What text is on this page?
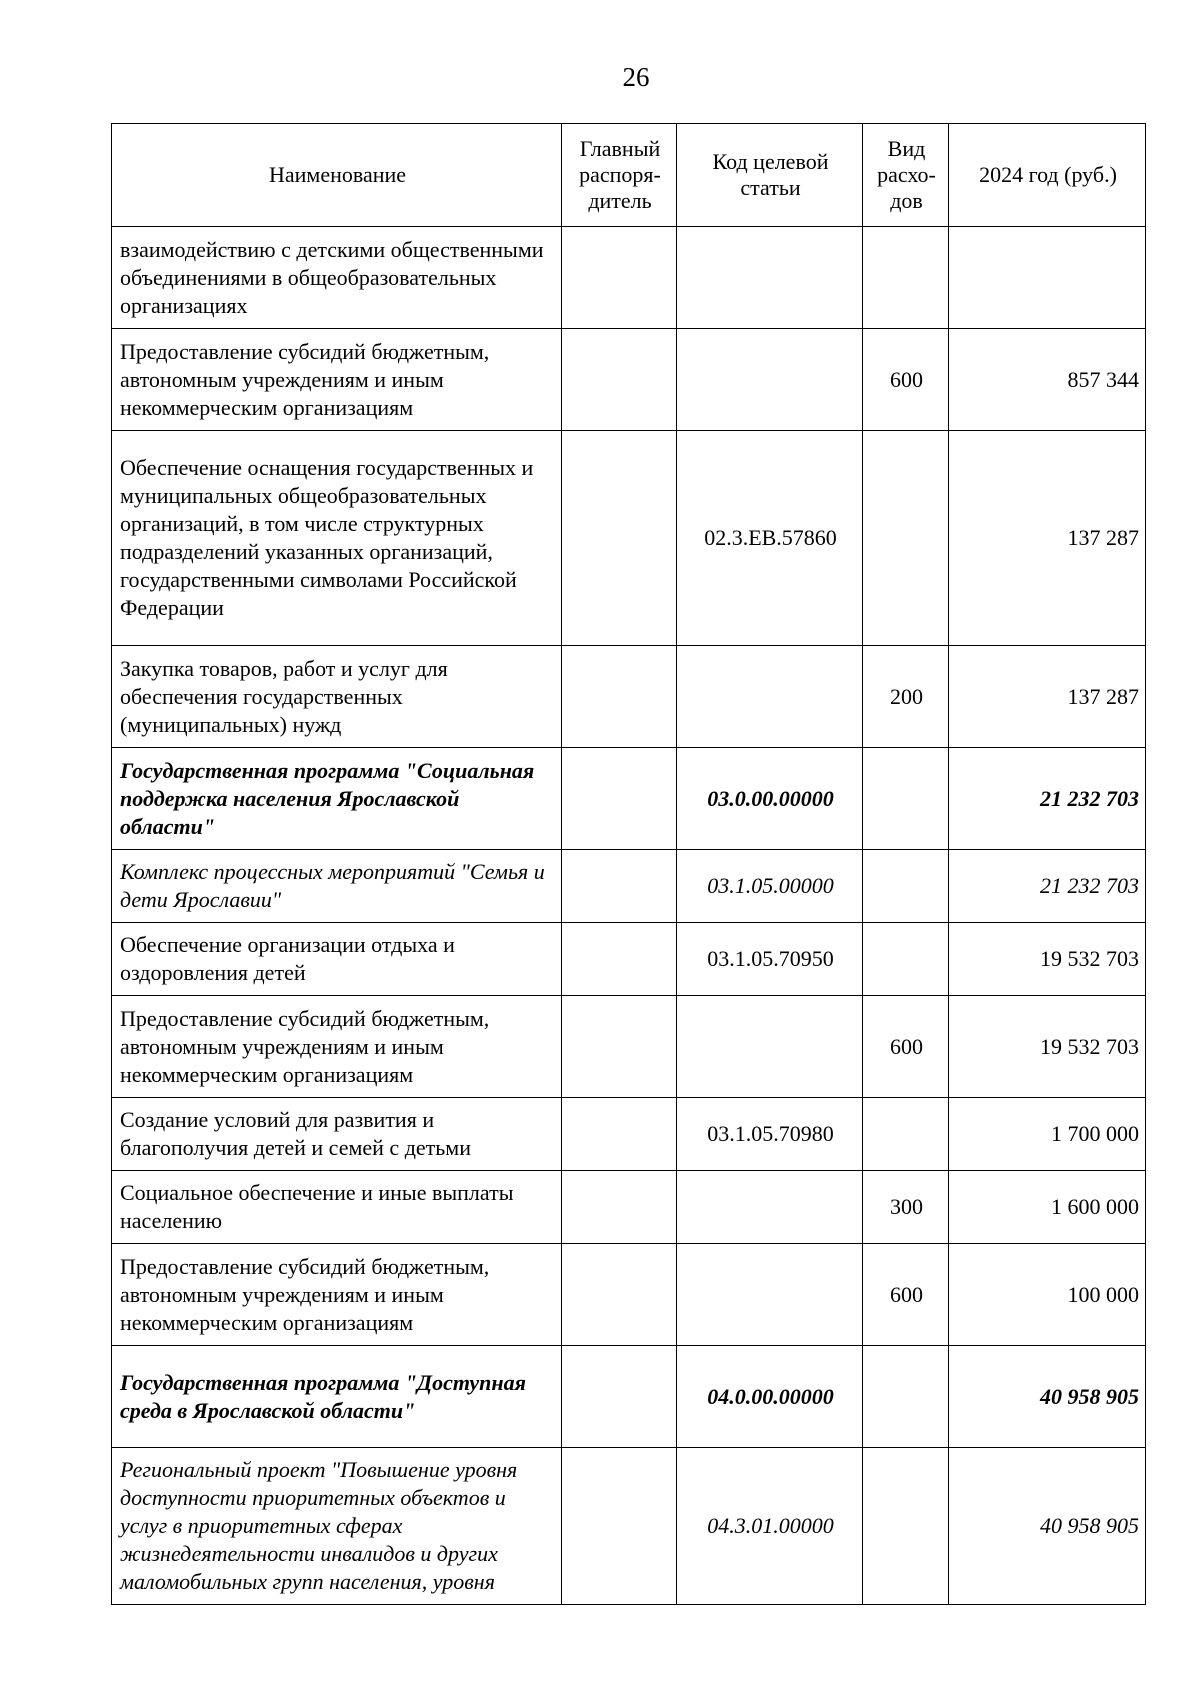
26
Наименование	Главный распоря-дитель	Код целевой статьи	Вид расхо-дов	2024 год (руб.)
взаимодействию с детскими общественными объединениями в общеобразовательных организациях				
Предоставление субсидий бюджетным, автономным учреждениям и иным некоммерческим организациям			600	857 344
Обеспечение оснащения государственных и муниципальных общеобразовательных организаций, в том числе структурных подразделений указанных организаций, государственными символами Российской Федерации		02.3.ЕВ.57860		137 287
Закупка товаров, работ и услуг для обеспечения государственных (муниципальных) нужд			200	137 287
Государственная программа "Социальная поддержка населения Ярославской области"		03.0.00.00000		21 232 703
Комплекс процессных мероприятий "Семья и дети Ярославии"		03.1.05.00000		21 232 703
Обеспечение организации отдыха и оздоровления детей		03.1.05.70950		19 532 703
Предоставление субсидий бюджетным, автономным учреждениям и иным некоммерческим организациям			600	19 532 703
Создание условий для развития и благополучия детей и семей с детьми		03.1.05.70980		1 700 000
Социальное обеспечение и иные выплаты населению			300	1 600 000
Предоставление субсидий бюджетным, автономным учреждениям и иным некоммерческим организациям			600	100 000
Государственная программа "Доступная среда в Ярославской области"		04.0.00.00000		40 958 905
Региональный проект "Повышение уровня доступности приоритетных объектов и услуг в приоритетных сферах жизнедеятельности инвалидов и других маломобильных групп населения, уровня		04.3.01.00000		40 958 905
